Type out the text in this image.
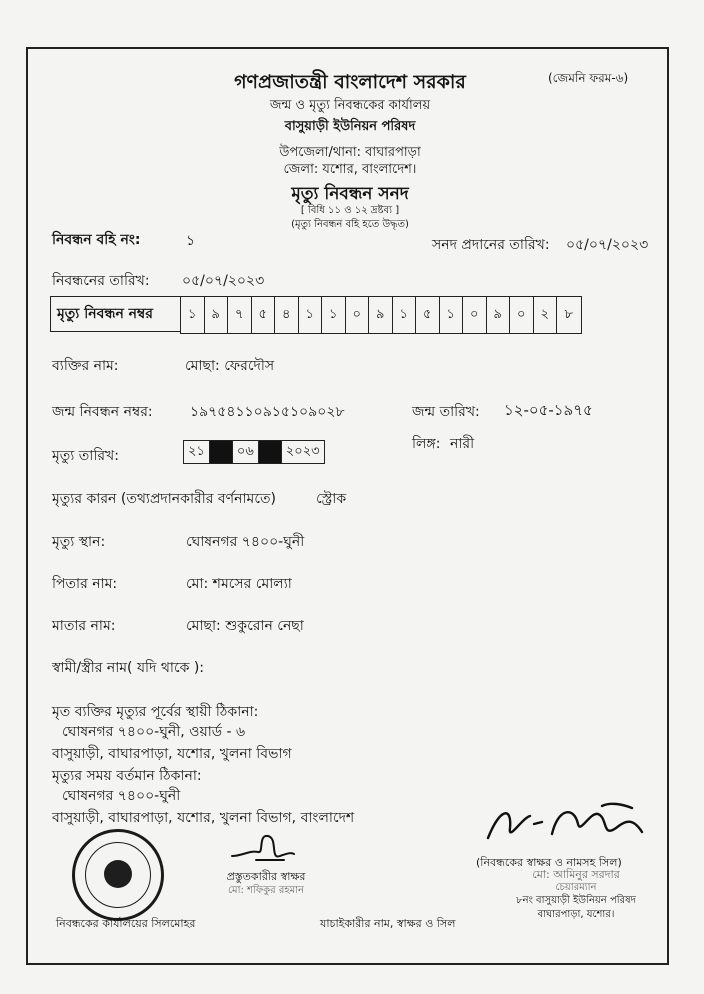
গণপ্রজাতন্ত্রী বাংলাদেশ সরকার	(জেমনি ফরম-৬)
জন্ম ও মৃত্যু নিবন্ধকের কার্যালয়
বাসুয়াড়ী ইউনিয়ন পরিষদ
উপজেলা/থানা: বাঘারপাড়া
জেলা: যশোর, বাংলাদেশ।
মৃত্যু নিবন্ধন সনদ
[ বিধি ১১ ও ১২ দ্রষ্টব্য ]
(মৃত্যু নিবন্ধন বহি হতে উদ্ধৃত)
নিবন্ধন বহি নং:	১	সনদ প্রদানের তারিখ: ০৫/০৭/২০২৩
নিবন্ধনের তারিখ: ০৫/০৭/২০২৩
মৃত্যু নিবন্ধন নম্বর	১	৯	৭	৫	৪	১	১	০	৯	১	৫	১	০	৯	০	২	৮
ব্যক্তির নাম:	মোছা: ফেরদৌস
জন্ম নিবন্ধন নম্বর:	১৯৭৫৪১১০৯১৫১০৯০২৮	জন্ম তারিখ: ১২-০৫-১৯৭৫
মৃত্যু তারিখ:	২১	০৬	২০২৩	লিঙ্গ: নারী
মৃত্যুর কারন (তথ্যপ্রদানকারীর বর্ণনামতে)	স্ট্রোক
মৃত্যু স্থান:	ঘোষনগর ৭৪০০-ঘুনী
পিতার নাম:	মো: শমসের মোল্যা
মাতার নাম:	মোছা: শুকুরোন নেছা
স্বামী/স্ত্রীর নাম( যদি থাকে ):
মৃত ব্যক্তির মৃত্যুর পূর্বের স্থায়ী ঠিকানা:
ঘোষনগর ৭৪০০-ঘুনী, ওয়ার্ড - ৬
বাসুয়াড়ী, বাঘারপাড়া, যশোর, খুলনা বিভাগ
মৃত্যুর সময় বর্তমান ঠিকানা:
ঘোষনগর ৭৪০০-ঘুনী
বাসুয়াড়ী, বাঘারপাড়া, যশোর, খুলনা বিভাগ, বাংলাদেশ
(নিবন্ধকের স্বাক্ষর ও নামসহ সিল)
মো: আমিনুর সরদার
চেয়ারম্যান
৮নং বাসুয়াড়ী ইউনিয়ন পরিষদ
বাঘারপাড়া, যশোর।
প্রস্তুতকারীর স্বাক্ষর
মো: শফিকুর রহমান
নিবন্ধকের কার্যালয়ের সিলমোহর	যাচাইকারীর নাম, স্বাক্ষর ও সিল
